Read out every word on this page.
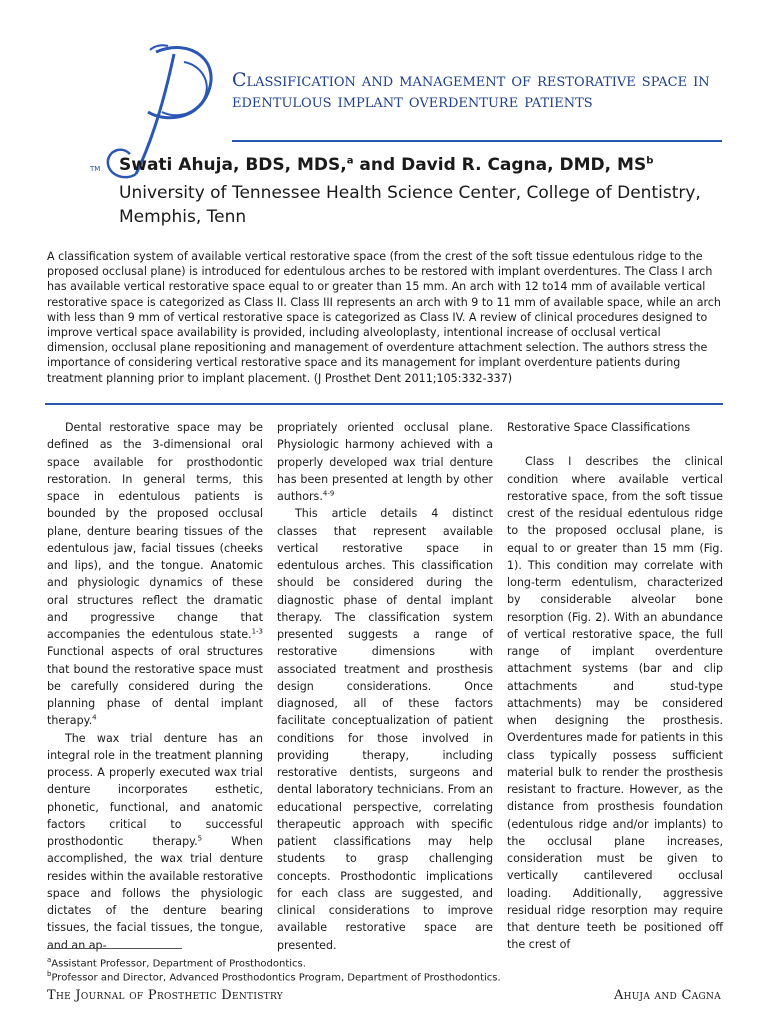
TM
Classification and management of restorative space in edentulous implant overdenture patients
Swati Ahuja, BDS, MDS,$^a$ and David R. Cagna, DMD, $MS^b$
University of Tennessee Health Science Center, College of Dentistry, Memphis, Tenn
A classification system of available vertical restorative space (from the crest of the soft tissue edentulous ridge to the proposed occlusal plane) is introduced for edentulous arches to be restored with implant overdentures. The Class I arch has available vertical restorative space equal to or greater than 15 mm. An arch with 12 to14 mm of available vertical restorative space is categorized as Class II. Class III represents an arch with 9 to 11 mm of available space, while an arch with less than 9 mm of vertical restorative space is categorized as Class IV. A review of clinical procedures designed to improve vertical space availability is provided, including alveoloplasty, intentional increase of occlusal vertical dimension, occlusal plane repositioning and management of overdenture attachment selection. The authors stress the importance of considering vertical restorative space and its management for implant overdenture patients during treatment planning prior to implant placement. (J Prosthet Dent 2011;105:332-337)

Dental restorative space may be defined as the 3-dimensional oral space available for prosthodontic restoration. In general terms, this space in edentulous patients is bounded by the proposed occlusal plane, denture bearing tissues of the edentulous jaw, facial tissues (cheeks and lips), and the tongue. Anatomic and physiologic dynamics of these oral structures reflect the dramatic and progressive change that accompanies the edentulous state.$^{1-3}$ Functional aspects of oral structures that bound the restorative space must be carefully considered during the planning phase of dental implant therapy.$^4$

The wax trial denture has an integral role in the treatment planning process. A properly executed wax trial denture incorporates esthetic, phonetic, functional, and anatomic factors critical to successful prosthodontic therapy.$^5$ When accomplished, the wax trial denture resides within the available restorative space and follows the physiologic dictates of the denture bearing tissues, the facial tissues, the tongue, and an ap-

propriately oriented occlusal plane. Physiologic harmony achieved with a properly developed wax trial denture has been presented at length by other authors.$^{4-9}$

This article details 4 distinct classes that represent available vertical restorative space in edentulous arches. This classification should be considered during the diagnostic phase of dental implant therapy. The classification system presented suggests a range of restorative dimensions with associated treatment and prosthesis design considerations. Once diagnosed, all of these factors facilitate conceptualization of patient conditions for those involved in providing therapy, including restorative dentists, surgeons and dental laboratory technicians. From an educational perspective, correlating therapeutic approach with specific patient classifications may help students to grasp challenging concepts. Prosthodontic implications for each class are suggested, and clinical considerations to improve available restorative space are presented.

Restorative Space Classifications

Class I describes the clinical condition where available vertical restorative space, from the soft tissue crest of the residual edentulous ridge to the proposed occlusal plane, is equal to or greater than 15 mm (Fig. 1). This condition may correlate with long-term edentulism, characterized by considerable alveolar bone resorption (Fig. 2). With an abundance of vertical restorative space, the full range of implant overdenture attachment systems (bar and clip attachments and stud-type attachments) may be considered when designing the prosthesis. Overdentures made for patients in this class typically possess sufficient material bulk to render the prosthesis resistant to fracture. However, as the distance from prosthesis foundation (edentulous ridge and/or implants) to the occlusal plane increases, consideration must be given to vertically cantilevered occlusal loading. Additionally, aggressive residual ridge resorption may require that denture teeth be positioned off the crest of

$^a$Assistant Professor, Department of Prosthodontics.
$^b$Professor and Director, Advanced Prosthodontics Program, Department of Prosthodontics.
The Journal of Prosthetic Dentistry	Ahuja and Cagna
